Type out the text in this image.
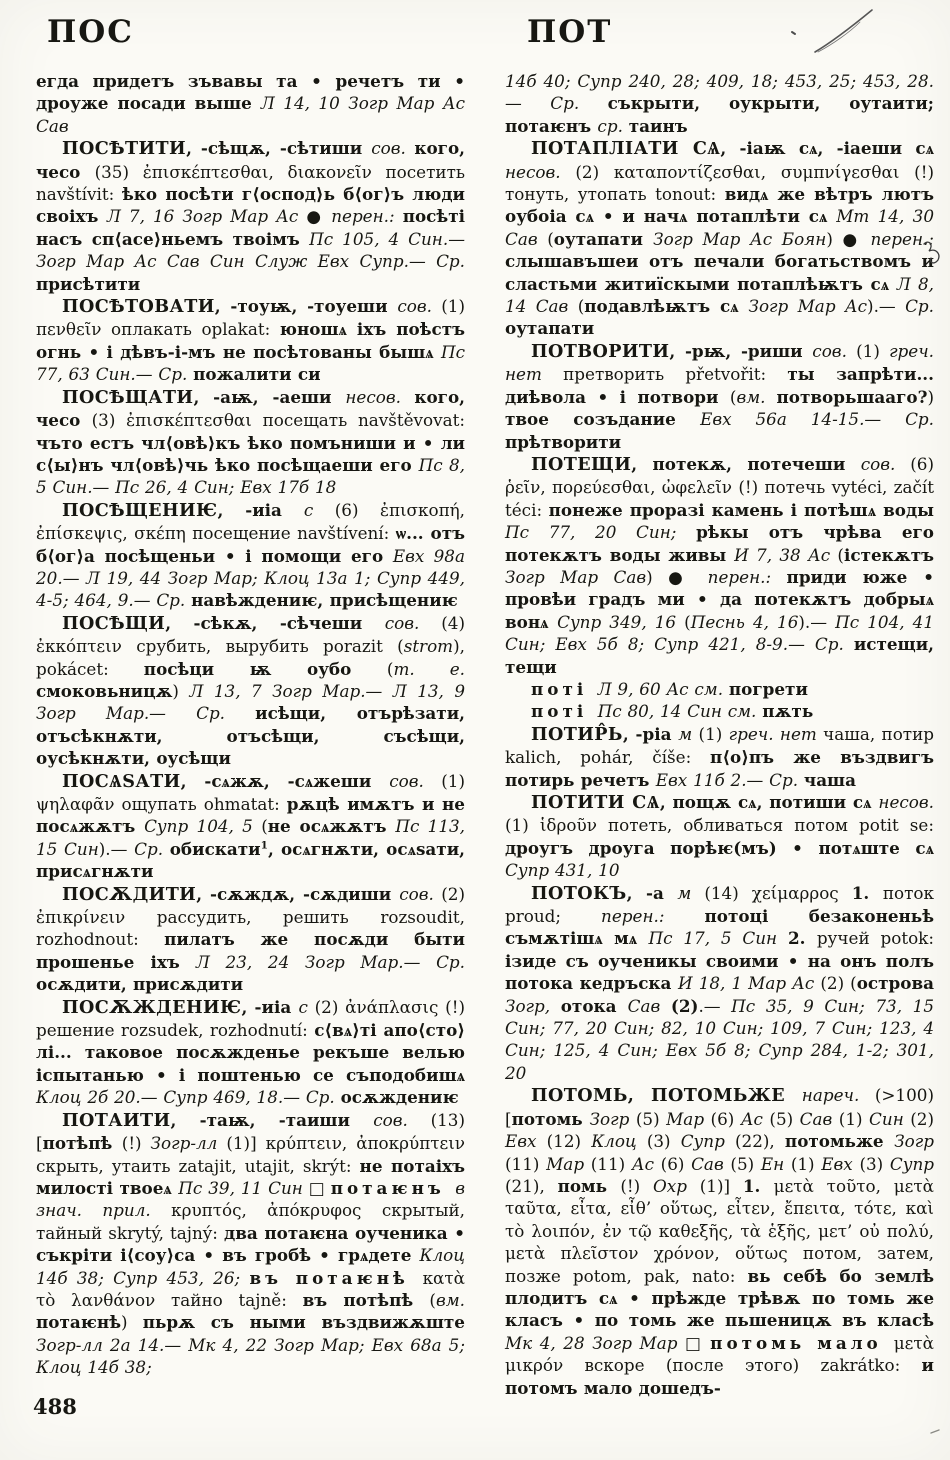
ПОС	ПОТ

егда придетъ зъвавы та • речетъ ти • дроуже посади выше Л 14, 10 Зогр Мар Ас Сав

ПОСѢТИТИ, -сѣщѫ, -сѣтиши сов. кого, чесо (35) ἐπισκέπτεσθαι, διακονεῖν посетить navštívit: ѣко посѣти г⟨оспод⟩ь б⟨ог⟩ъ люди своіхъ Л 7, 16 Зогр Мар Ас ● перен.: посѣті насъ сп⟨асе⟩ньемъ твоімъ Пс 105, 4 Син.— Зогр Мар Ас Сав Син Служ Евх Супр.— Ср. присѣтити

ПОСѢТОВАТИ, -тоуѭ, -тоуеши сов. (1) πενθεῖν оплакать oplakat: юношѧ іхъ поѣстъ огнь • і дѣвъ-і-мъ не посѣтованы бышѧ Пс 77, 63 Син.— Ср. пожалити си

ПОСѢЩАТИ, -аѭ, -аеши несов. кого, чесо (3) ἐπισκέπτεσθαι посещать navštěvovat: чъто естъ чл⟨овѣ⟩къ ѣко помъниши и • ли с⟨ы⟩нъ чл⟨овѣ⟩чь ѣко посѣщаеши его Пс 8, 5 Син.— Пс 26, 4 Син; Евх 17б 18

ПОСѢЩЕНИѤ, -иіа с (6) ἐπισκοπή, ἐπίσκεψις, σκέπη посещение navštívení: ѡ... отъ б⟨ог⟩а посѣщеньи • і помощи его Евх 98а 20.— Л 19, 44 Зогр Мар; Клоц 13а 1; Супр 449, 4-5; 464, 9.— Ср. навѣждениѥ, присѣщениѥ

ПОСѢЩИ, -сѣкѫ, -сѣчеши сов. (4) ἐκκόπτειν срубить, вырубить porazit (strom), pokácet: посѣци ѭ оубо (т. е. смоковьницѫ) Л 13, 7 Зогр Мар.— Л 13, 9 Зогр Мар.— Ср. исѣщи, отърѣзати, отъсѣкнѫти, отъсѣщи, съсѣщи, оусѣкнѫти, оусѣщи

ПОСѦЅАТИ, -сѧжѫ, -сѧжеши сов. (1) ψηλαφᾶν ощупать ohmatat: рѫцѣ имѫтъ и не посѧжѫтъ Супр 104, 5 (не осѧжѫтъ Пс 113, 15 Син).— Ср. обискати$^1$, осѧгнѫти, осѧѕати, присѧгнѫти

ПОСѪДИТИ, -сѫждѫ, -сѫдиши сов. (2) ἐπικρίνειν рассудить, решить rozsoudit, rozhodnout: пилатъ же посѫди быти прошенье іхъ Л 23, 24 Зогр Мар.— Ср. осѫдити, присѫдити

ПОСѪЖДЕНИѤ, -иіа с (2) ἀνάπλασις (!) решение rozsudek, rozhodnutí: с⟨вѧ⟩ті апо⟨сто⟩лі... таковое посѫжденье рекъше велью іспытанью • і поштенью се съподобишѧ Клоц 2б 20.— Супр 469, 18.— Ср. осѫждениѥ

ПОТАИТИ, -таѭ, -таиши сов. (13) [потѣпѣ (!) Зогр-лл (1)] κρύπτειν, ἀποκρύπτειν скрыть, утаить zatajit, utajit, skrýt: не потаіхъ милості твоеѧ Пс 39, 11 Син □ потаѥнъ в знач. прил. κρυπτός, ἀπόκρυφος скрытый, тайный skrytý, tajný: два потаѥна оученика • съкріти і⟨соу⟩са • въ гробѣ • грѧдете Клоц 14б 38; Супр 453, 26; въ потаѥнѣ κατὰ τὸ λανθάνον тайно tajně: въ потѣпѣ (вм. потаѥнѣ) пьрѫ съ ными въздвижѫште Зогр-лл 2а 14.— Мк 4, 22 Зогр Мар; Евх 68а 5; Клоц 14б 38;

14б 40; Супр 240, 28; 409, 18; 453, 25; 453, 28.— Ср. съкрыти, оукрыти, оутаити; потаѥнъ ср. таинъ

ПОТАПЛІАТИ СѦ, -іаѭ сѧ, -іаеши сѧ несов. (2) καταποντίζεσθαι, συμπνίγεσθαι (!) тонуть, утопать tonout: видѧ же вѣтръ лютъ оубоіа сѧ • и начѧ потаплѣти сѧ Мт 14, 30 Сав (оутапати Зогр Мар Ас Боян) ● перен.: слышавъшеи отъ печали богатьствомъ и сластьми житиїскыми потаплѣѭтъ сѧ Л 8, 14 Сав (подавлѣѭтъ сѧ Зогр Мар Ас).— Ср. оутапати

ПОТВОРИТИ, -рѭ, -риши сов. (1) греч. нет претворить přetvořit: ты запрѣти... диѣвола • і потвори (вм. потворьшааго?) твое созъдание Евх 56а 14-15.— Ср. прѣтворити

ПОТЕЩИ, потекѫ, потечеши сов. (6) ῥεῖν, πορεύεσθαι, ὠφελεῖν (!) потечь vytéci, začít téci: понеже проразі камень і потѣшѧ воды Пс 77, 20 Син; рѣкы отъ чрѣва его потекѫтъ воды живы И 7, 38 Ас (істекѫтъ Зогр Мар Сав) ● перен.: приди юже • провѣи градъ ми • да потекѫтъ добрыѧ вонѧ Супр 349, 16 (Песнь 4, 16).— Пс 104, 41 Син; Евх 5б 8; Супр 421, 8-9.— Ср. истещи, тещи

поті Л 9, 60 Ас см. погрети

поті Пс 80, 14 Син см. пѫть

ПОТИР̂Ь, -ріа м (1) греч. нет чаша, потир kalich, pohár, číše: п⟨о⟩пъ же въздвигъ потирь речетъ Евх 11б 2.— Ср. чаша

ПОТИТИ СѦ, пощѫ сѧ, потиши сѧ несов. (1) ἱδροῦν потеть, обливаться потом potit se: дроугъ дроуга порѣѥ(мъ) • потѧште сѧ Супр 431, 10

ПОТОКЪ, -а м (14) χείμαρρος 1. поток proud; перен.: потоці безаконеньѣ съмѫтішѧ мѧ Пс 17, 5 Син 2. ручей potok: ізиде съ оученикы своими • на онъ полъ потока кедръска И 18, 1 Мар Ас (2) (острова Зогр, отока Сав (2).— Пс 35, 9 Син; 73, 15 Син; 77, 20 Син; 82, 10 Син; 109, 7 Син; 123, 4 Син; 125, 4 Син; Евх 5б 8; Супр 284, 1-2; 301, 20

ПОТОМЬ, ПОТОМЬЖЕ нареч. (>100) [потомь Зогр (5) Мар (6) Ас (5) Сав (1) Син (2) Евх (12) Клоц (3) Супр (22), потомьже Зогр (11) Мар (11) Ас (6) Сав (5) Ен (1) Евх (3) Супр (21), помь (!) Охр (1)] 1. μετὰ τοῦτο, μετὰ ταῦτα, εἶτα, εἶθ’ οὕτως, εἶτεν, ἔπειτα, τότε, καὶ τὸ λοιπόν, ἐν τῷ καθεξῆς, τὰ ἑξῆς, μετ’ οὐ πολύ, μετὰ πλεῖστον χρόνον, οὕτως потом, затем, позже potom, pak, nato: вь себѣ бо землѣ плодитъ сѧ • прѣжде трѣвѫ по томь же класъ • по томь же пьшеницѫ въ класѣ Мк 4, 28 Зогр Мар □ потомь мало μετὰ μικρόν вскоре (после этого) zakrátko: и потомъ мало дошедъ-

488
